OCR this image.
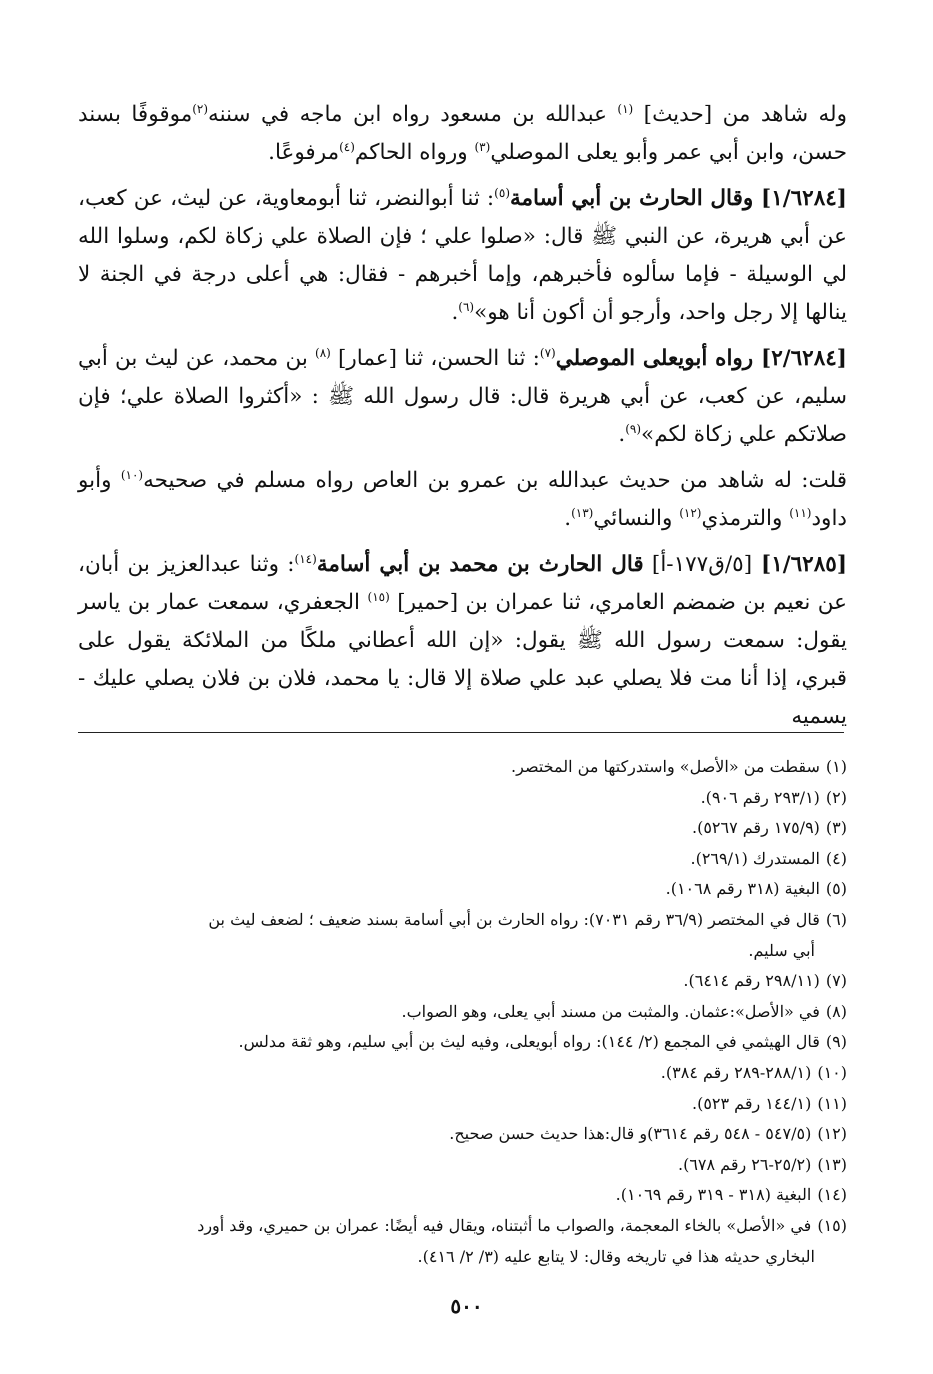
وله شاهد من [حديث] $^{(١)}$ عبدالله بن مسعود رواه ابن ماجه في سننه$^{(٢)}$موقوفًا بسند حسن، وابن أبي عمر وأبو يعلى الموصلي$^{(٣)}$ ورواه الحاكم$^{(٤)}$مرفوعًا.

[١/٦٢٨٤] وقال الحارث بن أبي أسامة$^{(٥)}$: ثنا أبوالنضر، ثنا أبومعاوية، عن ليث، عن كعب، عن أبي هريرة، عن النبي ﷺ قال: «صلوا علي ؛ فإن الصلاة علي زكاة لكم، وسلوا الله لي الوسيلة - فإما سألوه فأخبرهم، وإما أخبرهم - فقال: هي أعلى درجة في الجنة لا ينالها إلا رجل واحد، وأرجو أن أكون أنا هو»$^{(٦)}$.

[٢/٦٢٨٤] رواه أبويعلى الموصلي$^{(٧)}$: ثنا الحسن، ثنا [عمار] $^{(٨)}$ بن محمد، عن ليث بن أبي سليم، عن كعب، عن أبي هريرة قال: قال رسول الله ﷺ : «أكثروا الصلاة علي؛ فإن صلاتكم علي زكاة لكم»$^{(٩)}$.

قلت: له شاهد من حديث عبدالله بن عمرو بن العاص رواه مسلم في صحيحه$^{(١٠)}$ وأبو داود$^{(١١)}$ والترمذي$^{(١٢)}$ والنسائي$^{(١٣)}$.

[١/٦٢٨٥] [٥/ق١٧٧-أ] قال الحارث بن محمد بن أبي أسامة$^{(١٤)}$: وثنا عبدالعزيز بن أبان، عن نعيم بن ضمضم العامري، ثنا عمران بن [حمير] $^{(١٥)}$ الجعفري، سمعت عمار بن ياسر يقول: سمعت رسول الله ﷺ يقول: «إن الله أعطاني ملكًا من الملائكة يقول على قبري، إذا أنا مت فلا يصلي عبد علي صلاة إلا قال: يا محمد، فلان بن فلان يصلي عليك - يسميه

(١)سقطت من «الأصل» واستدركتها من المختصر.

(٢)(٢٩٣/١ رقم ٩٠٦).

(٣)(١٧٥/٩ رقم ٥٢٦٧).

(٤)المستدرك (٢٦٩/١).

(٥)البغية (٣١٨ رقم ١٠٦٨).

(٦)قال في المختصر (٣٦/٩ رقم ٧٠٣١): رواه الحارث بن أبي أسامة بسند ضعيف ؛ لضعف ليث بن

أبي سليم.

(٧)(٢٩٨/١١ رقم ٦٤١٤).

(٨)في «الأصل»:عثمان. والمثبت من مسند أبي يعلى، وهو الصواب.

(٩)قال الهيثمي في المجمع (٢/ ١٤٤): رواه أبويعلى، وفيه ليث بن أبي سليم، وهو ثقة مدلس.

(١٠)(٢٨٨/١-٢٨٩ رقم ٣٨٤).

(١١)(١٤٤/١ رقم ٥٢٣).

(١٢)(٥٤٧/٥ - ٥٤٨ رقم ٣٦١٤)و قال:هذا حديث حسن صحيح.

(١٣)(٢٥/٢-٢٦ رقم ٦٧٨).

(١٤)البغية (٣١٨ - ٣١٩ رقم ١٠٦٩).

(١٥)في «الأصل» بالخاء المعجمة، والصواب ما أثبتناه، ويقال فيه أيضًا: عمران بن حميري، وقد أورد

البخاري حديثه هذا في تاريخه وقال: لا يتابع عليه (٣/ ٢/ ٤١٦).

٥٠٠
